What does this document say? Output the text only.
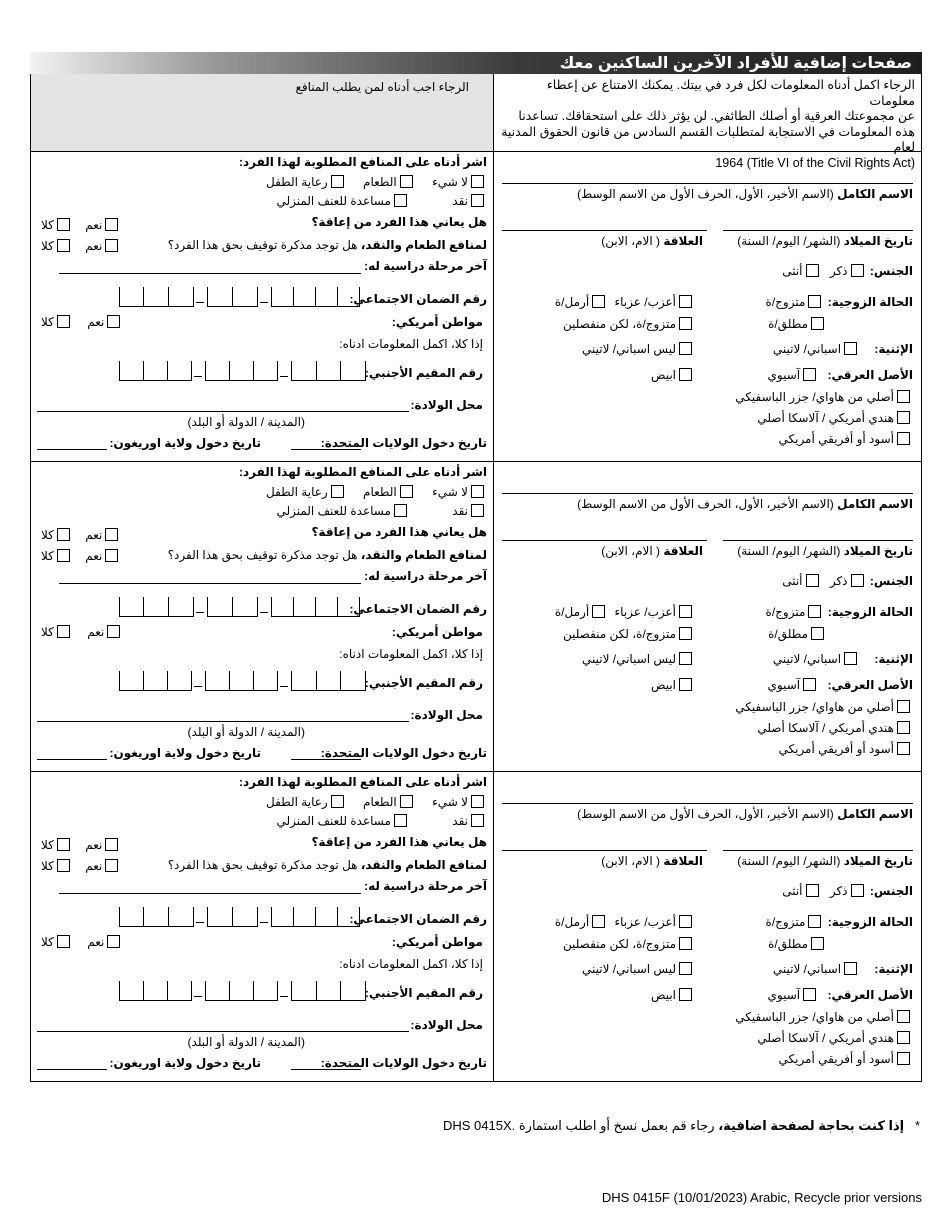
صفحات إضافية للأفراد الآخرين الساكنين معك
الرجاء اكمل أدناه المعلومات لكل فرد في بيتك. يمكنك الامتناع عن إعطاء معلومات
عن مجموعتك العرقية أو أصلك الطائفي. لن يؤثر ذلك على استحقاقك. تساعدنا
هذه المعلومات في الاستجابة لمتطلبات القسم السادس من قانون الحقوق المدنية لعام
(Title VI of the Civil Rights Act) 1964
الرجاء اجب أدناه لمن يطلب المنافع
الاسم الكامل (الاسم الأخير، الأول، الحرف الأول من الاسم الوسط)
تاريخ الميلاد (الشهر/ اليوم/ السنة)
العلاقة ( الام، الابن)
الجنس: ذكر أنثى
الحالة الزوجية: متزوج/ة
أعزب/ عزباء أرمل/ة
مطلق/ة
متزوج/ة، لكن منفصلين
الإثنية: اسباني/ لاتيني
ليس اسباني/ لاتيني
الأصل العرقي: آسيوي
ابيض
أصلي من هاواي/ جزر الباسفيكي
هندي أمريكي / آلاسكا أصلي
أسود أو أفريقي أمريكي
اشر أدناه على المنافع المطلوبة لهذا الفرد:
لا شيء الطعام رعاية الطفل
نقد مساعدة للعنف المنزلي
هل يعاني هذا الفرد من إعاقة؟
نعم كلا
لمنافع الطعام والنقد، هل توجد مذكرة توقيف بحق هذا الفرد؟
نعم كلا
آخر مرحلة دراسية له:
رقم الضمان الاجتماعي:
مواطن أمريكي:
نعم كلا
إذا كلا، اكمل المعلومات ادناه:
رقم المقيم الأجنبي:
محل الولادة:
(المدينة / الدولة أو البلد)
تاريخ دخول الولايات المتحدة:
تاريخ دخول ولاية اوريغون:
الاسم الكامل (الاسم الأخير، الأول، الحرف الأول من الاسم الوسط)
تاريخ الميلاد (الشهر/ اليوم/ السنة)
العلاقة ( الام، الابن)
الجنس: ذكر أنثى
الحالة الزوجية: متزوج/ة
أعزب/ عزباء أرمل/ة
مطلق/ة
متزوج/ة، لكن منفصلين
الإثنية: اسباني/ لاتيني
ليس اسباني/ لاتيني
الأصل العرقي: آسيوي
ابيض
أصلي من هاواي/ جزر الباسفيكي
هندي أمريكي / آلاسكا أصلي
أسود أو أفريقي أمريكي
اشر أدناه على المنافع المطلوبة لهذا الفرد:
لا شيء الطعام رعاية الطفل
نقد مساعدة للعنف المنزلي
هل يعاني هذا الفرد من إعاقة؟
نعم كلا
لمنافع الطعام والنقد، هل توجد مذكرة توقيف بحق هذا الفرد؟
نعم كلا
آخر مرحلة دراسية له:
رقم الضمان الاجتماعي:
مواطن أمريكي:
نعم كلا
إذا كلا، اكمل المعلومات ادناه:
رقم المقيم الأجنبي:
محل الولادة:
(المدينة / الدولة أو البلد)
تاريخ دخول الولايات المتحدة:
تاريخ دخول ولاية اوريغون:
الاسم الكامل (الاسم الأخير، الأول، الحرف الأول من الاسم الوسط)
تاريخ الميلاد (الشهر/ اليوم/ السنة)
العلاقة ( الام، الابن)
الجنس: ذكر أنثى
الحالة الزوجية: متزوج/ة
أعزب/ عزباء أرمل/ة
مطلق/ة
متزوج/ة، لكن منفصلين
الإثنية: اسباني/ لاتيني
ليس اسباني/ لاتيني
الأصل العرقي: آسيوي
ابيض
أصلي من هاواي/ جزر الباسفيكي
هندي أمريكي / آلاسكا أصلي
أسود أو أفريقي أمريكي
اشر أدناه على المنافع المطلوبة لهذا الفرد:
لا شيء الطعام رعاية الطفل
نقد مساعدة للعنف المنزلي
هل يعاني هذا الفرد من إعاقة؟
نعم كلا
لمنافع الطعام والنقد، هل توجد مذكرة توقيف بحق هذا الفرد؟
نعم كلا
آخر مرحلة دراسية له:
رقم الضمان الاجتماعي:
مواطن أمريكي:
نعم كلا
إذا كلا، اكمل المعلومات ادناه:
رقم المقيم الأجنبي:
محل الولادة:
(المدينة / الدولة أو البلد)
تاريخ دخول الولايات المتحدة:
تاريخ دخول ولاية اوريغون:
*   إذا كنت بحاجة لصفحة اضافية، رجاء قم بعمل نسخ أو اطلب استمارة DHS 0415X.
DHS 0415F (10/01/2023) Arabic, Recycle prior versions
